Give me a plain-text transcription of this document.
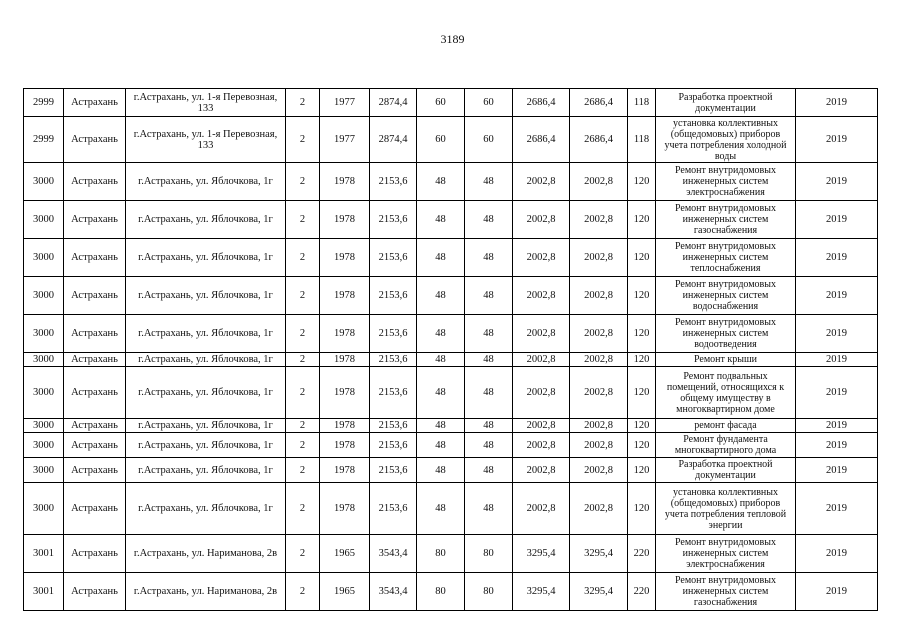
3189
2999	Астрахань	г.Астрахань, ул. 1-я Перевозная, 133	2	1977	2874,4	60	60	2686,4	2686,4	118	Разработка проектной документации	2019
2999	Астрахань	г.Астрахань, ул. 1-я Перевозная, 133	2	1977	2874,4	60	60	2686,4	2686,4	118	установка коллективных (общедомовых) приборов учета потребления холодной воды	2019
3000	Астрахань	г.Астрахань, ул. Яблочкова, 1г	2	1978	2153,6	48	48	2002,8	2002,8	120	Ремонт внутридомовых инженерных систем электроснабжения	2019
3000	Астрахань	г.Астрахань, ул. Яблочкова, 1г	2	1978	2153,6	48	48	2002,8	2002,8	120	Ремонт внутридомовых инженерных систем газоснабжения	2019
3000	Астрахань	г.Астрахань, ул. Яблочкова, 1г	2	1978	2153,6	48	48	2002,8	2002,8	120	Ремонт внутридомовых инженерных систем теплоснабжения	2019
3000	Астрахань	г.Астрахань, ул. Яблочкова, 1г	2	1978	2153,6	48	48	2002,8	2002,8	120	Ремонт внутридомовых инженерных систем водоснабжения	2019
3000	Астрахань	г.Астрахань, ул. Яблочкова, 1г	2	1978	2153,6	48	48	2002,8	2002,8	120	Ремонт внутридомовых инженерных систем водоотведения	2019
3000	Астрахань	г.Астрахань, ул. Яблочкова, 1г	2	1978	2153,6	48	48	2002,8	2002,8	120	Ремонт крыши	2019
3000	Астрахань	г.Астрахань, ул. Яблочкова, 1г	2	1978	2153,6	48	48	2002,8	2002,8	120	Ремонт подвальных помещений, относящихся к общему имуществу в многоквартирном доме	2019
3000	Астрахань	г.Астрахань, ул. Яблочкова, 1г	2	1978	2153,6	48	48	2002,8	2002,8	120	ремонт фасада	2019
3000	Астрахань	г.Астрахань, ул. Яблочкова, 1г	2	1978	2153,6	48	48	2002,8	2002,8	120	Ремонт фундамента многоквартирного дома	2019
3000	Астрахань	г.Астрахань, ул. Яблочкова, 1г	2	1978	2153,6	48	48	2002,8	2002,8	120	Разработка проектной документации	2019
3000	Астрахань	г.Астрахань, ул. Яблочкова, 1г	2	1978	2153,6	48	48	2002,8	2002,8	120	установка коллективных (общедомовых) приборов учета потребления тепловой энергии	2019
3001	Астрахань	г.Астрахань, ул. Нариманова, 2в	2	1965	3543,4	80	80	3295,4	3295,4	220	Ремонт внутридомовых инженерных систем электроснабжения	2019
3001	Астрахань	г.Астрахань, ул. Нариманова, 2в	2	1965	3543,4	80	80	3295,4	3295,4	220	Ремонт внутридомовых инженерных систем газоснабжения	2019
